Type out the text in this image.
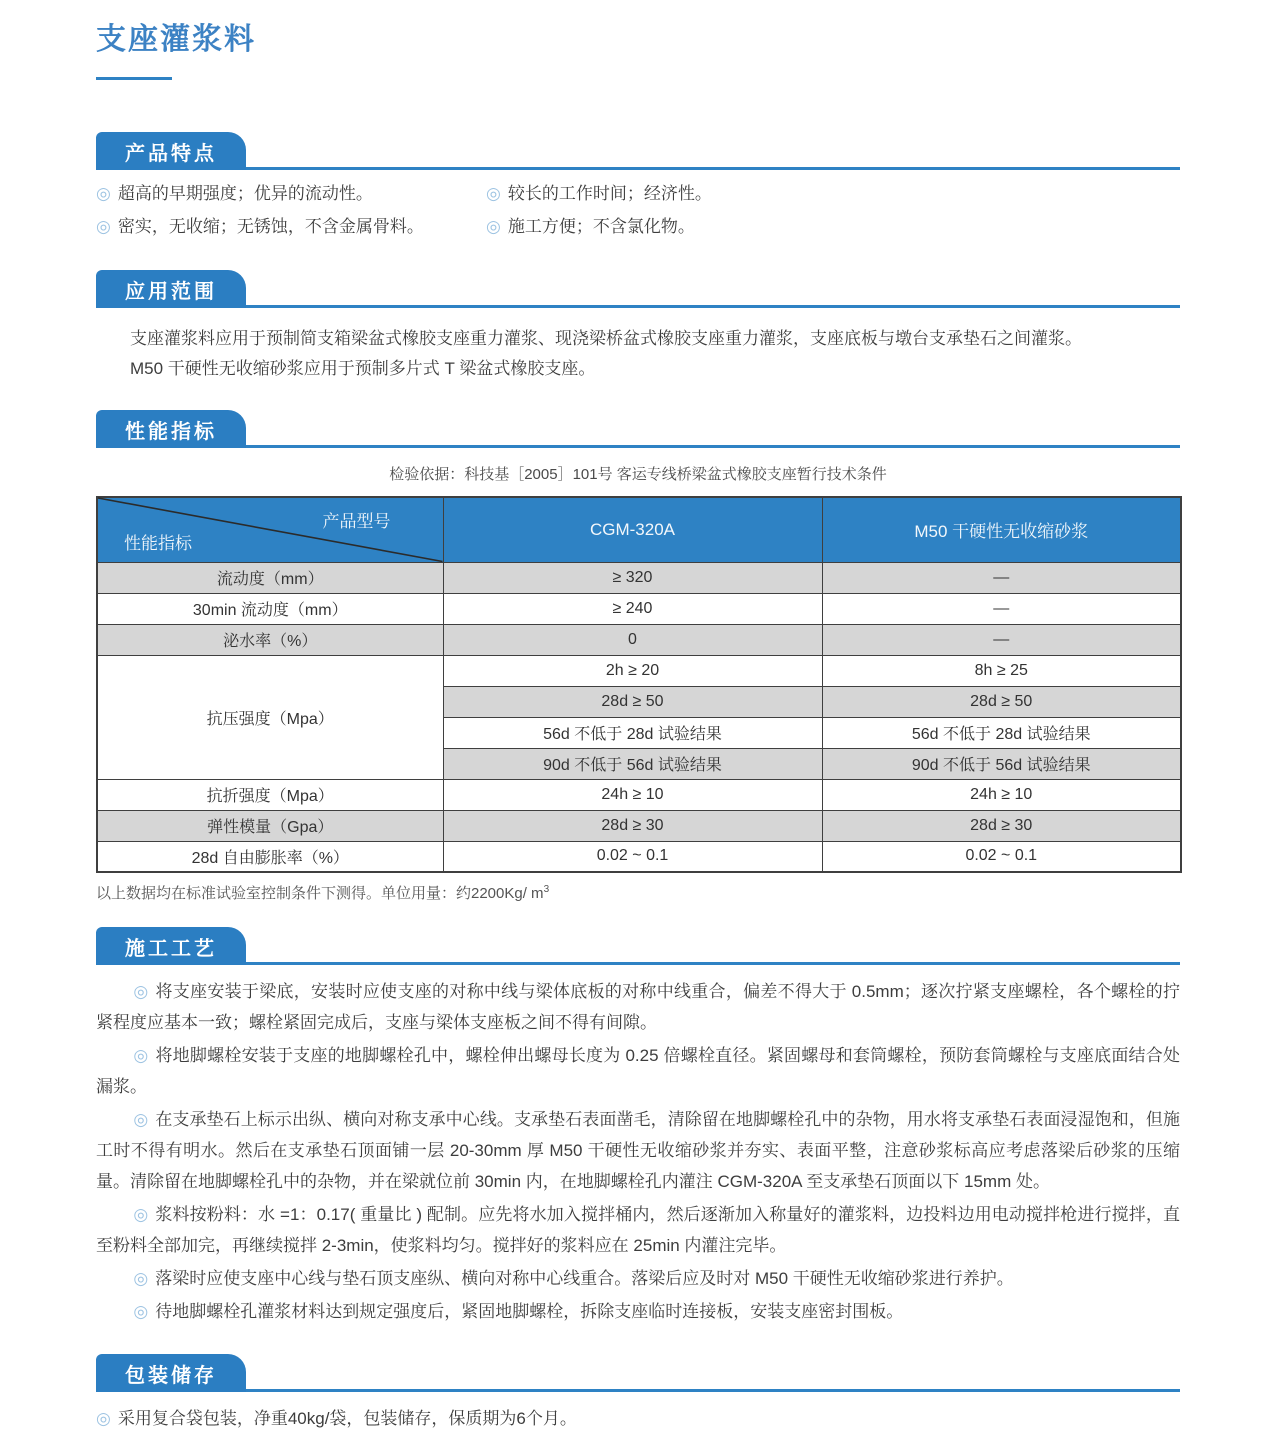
支座灌浆料
产品特点
◎ 超高的早期强度；优异的流动性。	◎ 较长的工作时间；经济性。
◎ 密实，无收缩；无锈蚀，不含金属骨料。	◎ 施工方便；不含氯化物。
应用范围
支座灌浆料应用于预制简支箱梁盆式橡胶支座重力灌浆、现浇梁桥盆式橡胶支座重力灌浆，支座底板与墩台支承垫石之间灌浆。
M50 干硬性无收缩砂浆应用于预制多片式 T 梁盆式橡胶支座。
性能指标
检验依据：科技基［2005］101号 客运专线桥梁盆式橡胶支座暂行技术条件
产品型号
性能指标	CGM-320A	M50 干硬性无收缩砂浆
流动度（mm）	≥ 320	—
30min 流动度（mm）	≥ 240	—
泌水率（%）	0	—
抗压强度（Mpa）	2h ≥ 20	8h ≥ 25
	28d ≥ 50	28d ≥ 50
	56d 不低于 28d 试验结果	56d 不低于 28d 试验结果
	90d 不低于 56d 试验结果	90d 不低于 56d 试验结果
抗折强度（Mpa）	24h ≥ 10	24h ≥ 10
弹性模量（Gpa）	28d ≥ 30	28d ≥ 30
28d 自由膨胀率（%）	0.02 ~ 0.1	0.02 ~ 0.1
以上数据均在标准试验室控制条件下测得。单位用量：约2200Kg/ $m^3$
施工工艺

◎ 将支座安装于梁底，安装时应使支座的对称中线与梁体底板的对称中线重合，偏差不得大于 0.5mm；逐次拧紧支座螺栓，各个螺栓的拧紧程度应基本一致；螺栓紧固完成后，支座与梁体支座板之间不得有间隙。

◎ 将地脚螺栓安装于支座的地脚螺栓孔中，螺栓伸出螺母长度为 0.25 倍螺栓直径。紧固螺母和套筒螺栓，预防套筒螺栓与支座底面结合处漏浆。

◎ 在支承垫石上标示出纵、横向对称支承中心线。支承垫石表面凿毛，清除留在地脚螺栓孔中的杂物，用水将支承垫石表面浸湿饱和，但施工时不得有明水。然后在支承垫石顶面铺一层 20-30mm 厚 M50 干硬性无收缩砂浆并夯实、表面平整，注意砂浆标高应考虑落梁后砂浆的压缩量。清除留在地脚螺栓孔中的杂物，并在梁就位前 30min 内，在地脚螺栓孔内灌注 CGM-320A 至支承垫石顶面以下 15mm 处。

◎ 浆料按粉料：水 =1：0.17( 重量比 ) 配制。应先将水加入搅拌桶内，然后逐渐加入称量好的灌浆料，边投料边用电动搅拌枪进行搅拌，直至粉料全部加完，再继续搅拌 2-3min，使浆料均匀。搅拌好的浆料应在 25min 内灌注完毕。

◎ 落梁时应使支座中心线与垫石顶支座纵、横向对称中心线重合。落梁后应及时对 M50 干硬性无收缩砂浆进行养护。

◎ 待地脚螺栓孔灌浆材料达到规定强度后，紧固地脚螺栓，拆除支座临时连接板，安装支座密封围板。

包装储存
◎ 采用复合袋包装，净重40kg/袋，包装储存，保质期为6个月。
